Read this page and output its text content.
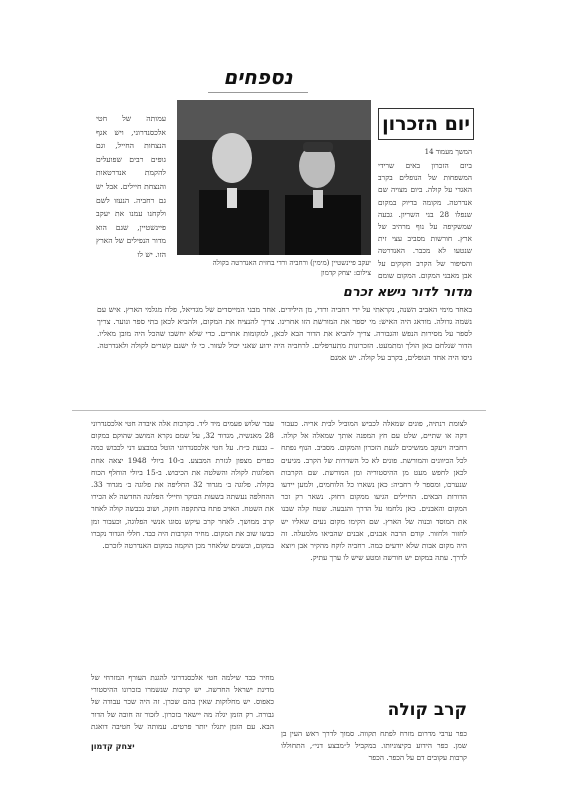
נספחים
עמותה של חטי אלכסנדרוני, ויש אגף הנצחות החייל, וגם גופים רבים שפועלים להקמת אנדרטאות והנצחת חיילים. אבל יש גם רחביה. הנעזו לשם ולקחנו עמנו את יעקב פיינשטיין, שגם הוא מדור הנפילים של הארץ הזו. יש לו
יעקב פיינשטיין (מימין) ורחביה ורדי בחזית האנדרטה בקולה
צילום: יצחק קדמון
יום הזכרון
המשך מעמוד 14
ביום הזכרון באים שרידי המשפחות של הנופלים בקרב האגדי על קולה. ביום מצויה שם אנדרטה. מקומה בדיוק במקום שנפלו 28 בני השריון. גבעה שמשקיפה על נוף מרהיב של ארץ. חורשות מסביב עצי זית שנטעו לא מכבר. האנדרטה והסיפור של הקרב חקוקים על אבן מאבני המקום. המקום שומם
מדור לדור נישא זכרם
באחד מימי האביב השנה, נקראתי על ידי רחביה ורדי, מן הילידים. אחד מבני המייסדים של מגדיאל, פלח מגלמי הארץ. איש עם נשמה גדולה. מודאג היה האיש: מי יספר את המורשת הזו אחרינו. צריך להנציח את המקום, ולהביא לכאן בתי ספר ונוער. צריך לספר על מסירות הנפש והגבורה. צריך להביא את הדור הבא לכאן, למקומות אחרים. כדי שלא יחשבו שהכל היה מובן מאליו. הדור שנלחם כאן הולך ומתמעט. הזכרונות מתערפלים. לרחביה היה ידוע שאני יכול לעזור. כי לו ישנם קשרים לקולה ולאנדרטה. גיסו היה אחד הנופלים, בקרב על קולה. יש אמנם
לצומת רנתיה, פונים שמאלה לכביש המוביל לבית אריה. כעבור דקה או שתיים, שלט עם חץ המפנה אותך שמאלה אל קולה. רחביה ויעקב ממשיכים לגעת הזכרון והמקום. מסביב. הנוף נפתח לכל הכיוונים והמורשת. פונים לא כל השדרות של הקרב. מגיעים לכאן לחפש מעט מן ההיסטוריה ומן המורשת. שם הקרבות שנערכו, ומספר לי רחביה: כאן נשארו כל הלוחמים, ולמען יידעו הדורות הבאים. החיילים הגיעו ממקום רחוק. נשאר רק זכר המקום והאבנים. כאן נלחמו על הדרך והגבעה. שטח קלה שבנו את המוסד ובנוה של הארץ. שם הקימו מקום נעים שאליו יש לחזור ולחזור. קודם הרבה אבנים, אבנים שהביאו מלמעלה. זה היה מקום אבות שלא יודעים כמה. רחביה לוקח מהקיר אבן ויוצא לדרך. עתה במקום יש חורשה ומטע שיש לו ערך עתיק.
עבר שלוש פעמים מיד ליד. בקרבות אלה איבדה חטי אלכסנדרוני 28 מאנשיה, מגדוד 32, על שמם נקרא המושב שהוקם במקום – גבעת כ״ח. על חטי אלכסנדרוני הוטל במבצע דני לכבוש כמה כפרים מצפון לגזרת המבצע. ב-10 ביולי 1948 יצאה אחת הפלוגות לקולה והשלטה את הכיבוש. ב-15 ביולי הוחלף הכוח בקולה. פלוגה ב׳ מגדוד 32 החליפה את פלוגה ב׳ מגדוד 33. ההחלפה נעשתה בשעות הבוקר וחיילי הפלוגה החדשה לא הכירו את השטח. האויב פתח בהתקפה חזקה, ושוב נכבשה קולה לאחר קרב ממושך. לאחר קרב עיקש נסוגו אנשי הפלוגה, וכעבור זמן כבשו שוב את המקום. מחיר הקרבות היה כבד. חללי הגדוד נקברו במקום, ובשנים שלאחר מכן הוקמה במקום האנדרטה לזכרם.
מחיר כבד שילמה חטי אלכסנדרוני להגנת העורף המזרחי של מדינת ישראל החדשה. יש קרבות שנשמרו בזכרונו ההיסטורי כאפוס. יש מחלוקות שאין בהם שכרן. זה היה שכר עבודה של גבורה. רק הזמן יגלה מה יישאר בזכרון. לזכור זה חובה של הדור הבא. עם הזמן יתגלו יותר פרטים. עמותה של חטיבה דואגת
יצחק קדמון
קרב קולה
כפר ערבי מדרום מזרח לפתח תקווה. סמוך לדרך ראש העין בן שמן. כפר הידוע בקיצוניותו. במקביל ל״מבצע דני״, התחוללו קרבות עקובים דם על הכפר. הכפר
